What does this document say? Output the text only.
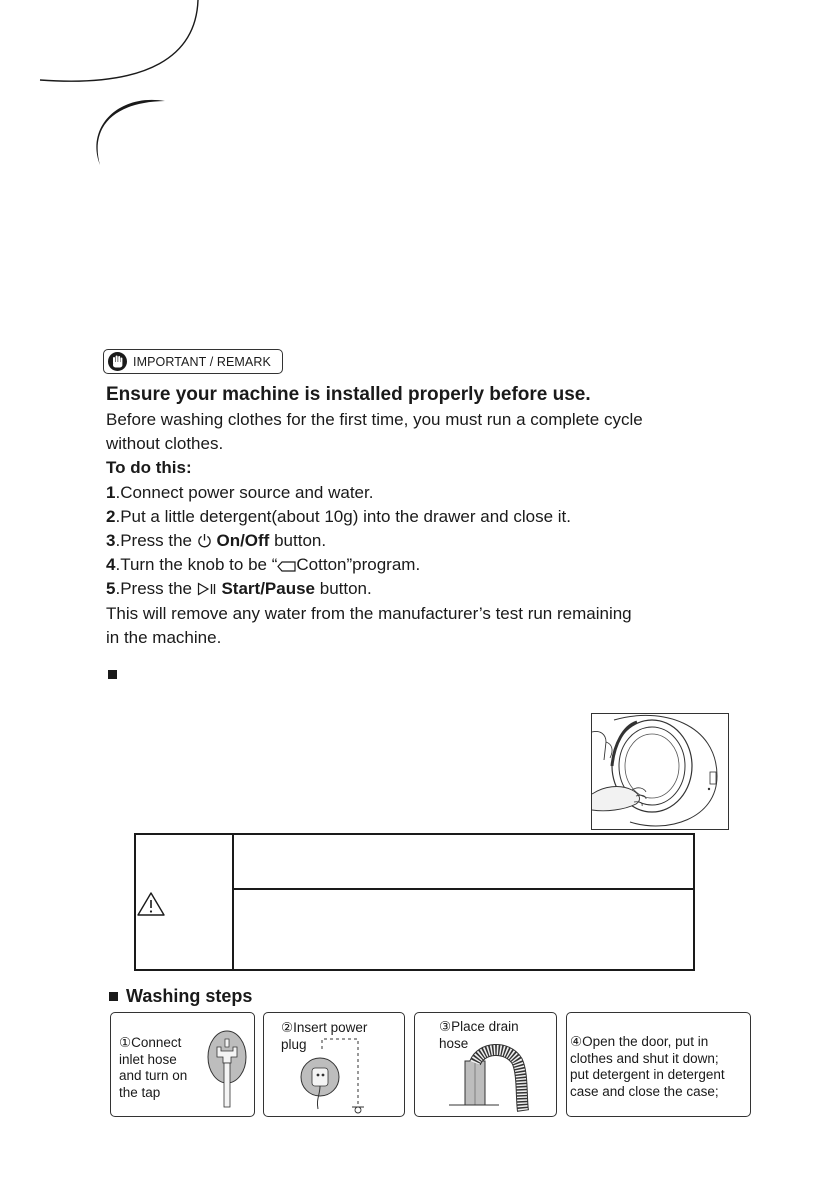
IMPORTANT / REMARK
Ensure your machine is installed properly before use.

Before washing clothes for the first time, you must run a complete cycle

without clothes.

To do this:

1.Connect power source and water.

2.Put a little detergent(about 10g) into the drawer and close it.

3.Press the  On/Off button.

4.Turn the knob to be “ Cotton”program.

5.Press the  Start/Pause button.

This will remove any water from the manufacturer’s test run remaining

in the machine.

Washing steps
①Connect
inlet hose
and turn on
the tap
②Insert power
plug
③Place drain
hose	④Open the door, put in
clothes and shut it down;
put detergent in detergent
case and close the case;
